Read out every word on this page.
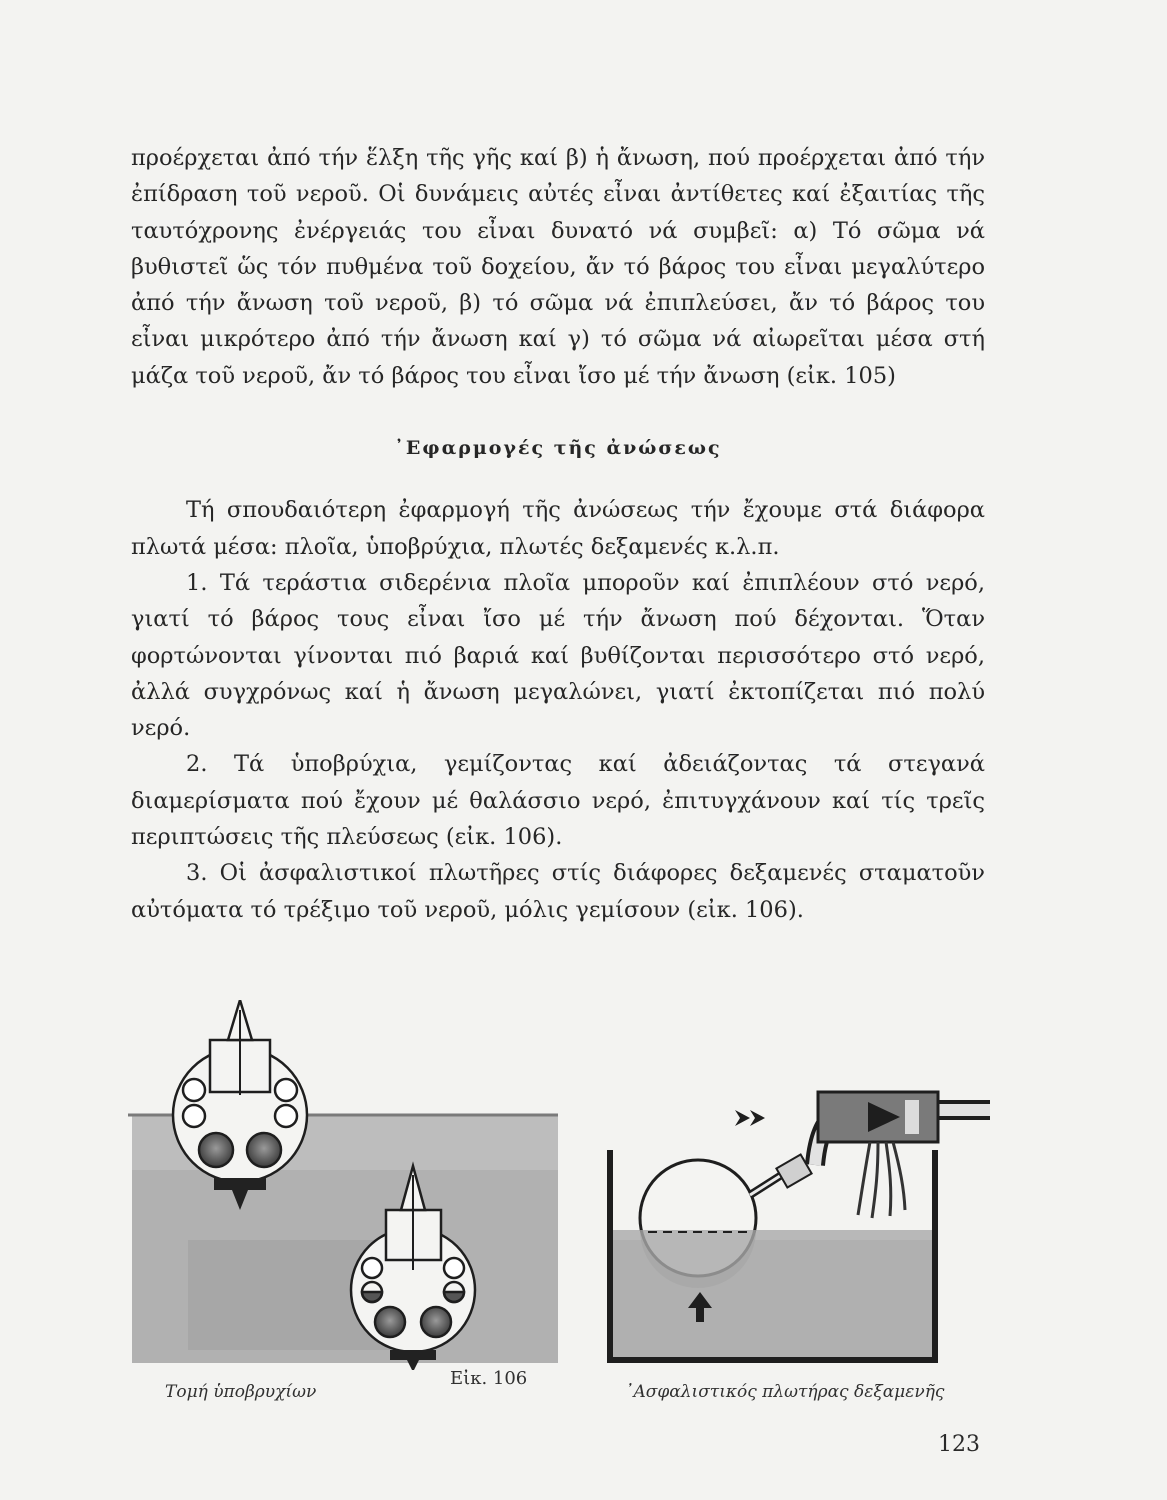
προέρχεται ἀπό τήν ἕλξη τῆς γῆς καί β) ἡ ἄνωση, πού προέρχεται ἀπό τήν ἐπίδραση τοῦ νεροῦ. Οἱ δυνάμεις αὐτές εἶναι ἀντίθετες καί ἐξαιτίας τῆς ταυτόχρονης ἐνέργειάς του εἶναι δυνατό νά συμβεῖ: α) Τό σῶμα νά βυθιστεῖ ὥς τόν πυθμένα τοῦ δοχείου, ἄν τό βάρος του εἶναι μεγαλύτερο ἀπό τήν ἄνωση τοῦ νεροῦ, β) τό σῶμα νά ἐπιπλεύσει, ἄν τό βάρος του εἶναι μικρότερο ἀπό τήν ἄνωση καί γ) τό σῶμα νά αἰωρεῖται μέσα στή μάζα τοῦ νεροῦ, ἄν τό βάρος του εἶναι ἴσο μέ τήν ἄνωση (εἰκ. 105)

᾿Εφαρμογές τῆς ἀνώσεως

Τή σπουδαιότερη ἐφαρμογή τῆς ἀνώσεως τήν ἔχουμε στά διάφορα πλωτά μέσα: πλοῖα, ὑποβρύχια, πλωτές δεξαμενές κ.λ.π.

1. Τά τεράστια σιδερένια πλοῖα μποροῦν καί ἐπιπλέουν στό νερό, γιατί τό βάρος τους εἶναι ἴσο μέ τήν ἄνωση πού δέχονται. Ὅταν φορτώνονται γίνονται πιό βαριά καί βυθίζονται περισσότερο στό νερό, ἀλλά συγχρόνως καί ἡ ἄνωση μεγαλώνει, γιατί ἐκτοπίζεται πιό πολύ νερό.

2. Τά ὑποβρύχια, γεμίζοντας καί ἀδειάζοντας τά στεγανά διαμερίσματα πού ἔχουν μέ θαλάσσιο νερό, ἐπιτυγχάνουν καί τίς τρεῖς περιπτώσεις τῆς πλεύσεως (εἰκ. 106).

3. Οἱ ἀσφαλιστικοί πλωτῆρες στίς διάφορες δεξαμενές σταματοῦν αὐτόματα τό τρέξιμο τοῦ νεροῦ, μόλις γεμίσουν (εἰκ. 106).

Τομή ὑποβρυχίων
Εἰκ. 106
᾿Ασφαλιστικός πλωτήρας δεξαμενῆς
123
